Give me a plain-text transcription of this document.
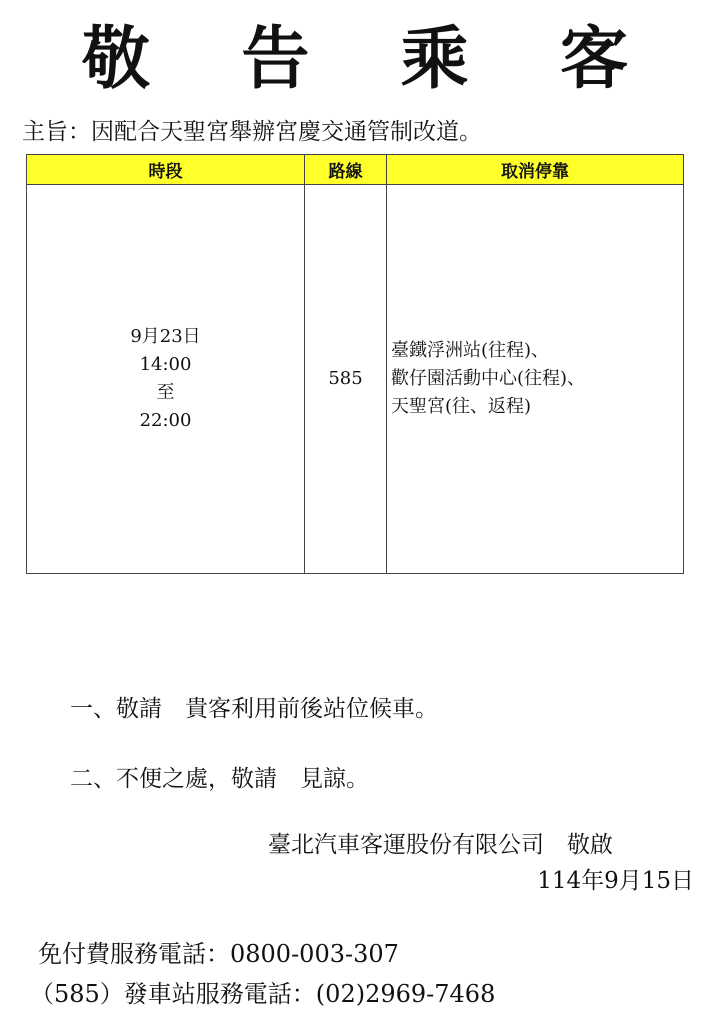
敬 告 乘 客
主旨：因配合天聖宮舉辦宮慶交通管制改道。
時段	路線	取消停靠

9月23日
14:00
至
22:00	585	臺鐵浮洲站(往程)、
歡仔園活動中心(往程)、
天聖宮(往、返程)
一、敬請　貴客利用前後站位候車。
二、不便之處，敬請　見諒。
臺北汽車客運股份有限公司　敬啟
114年9月15日
免付費服務電話：0800-003-307
（585）發車站服務電話：(02)2969-7468
